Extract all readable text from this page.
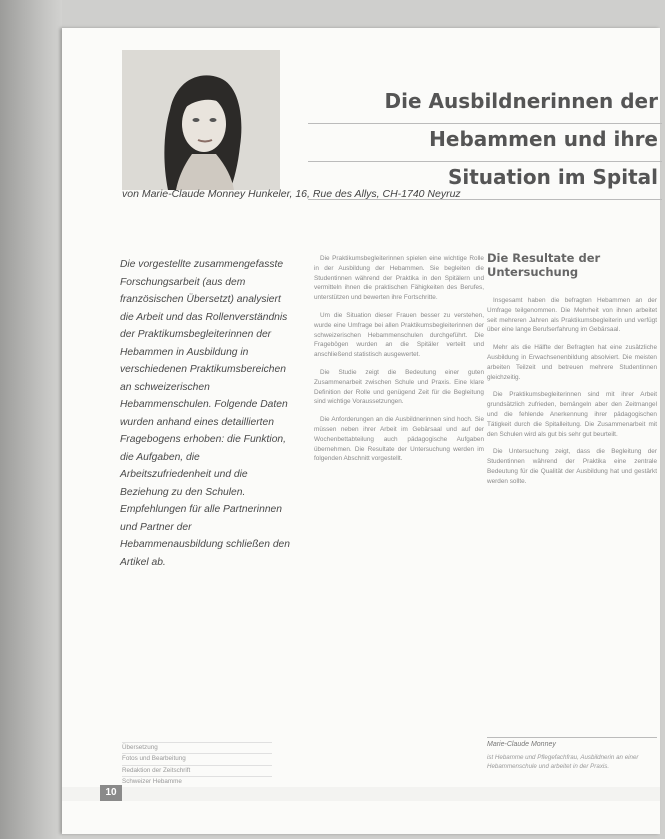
Die Ausbildnerinnen der
Hebammen und ihre
Situation im Spital
von Marie-Claude Monney Hunkeler, 16, Rue des Allys, CH-1740 Neyruz
Die vorgestellte zusammengefasste Forschungsarbeit (aus dem französischen Übersetzt) analysiert die Arbeit und das Rollenverständnis der Praktikumsbegleiterinnen der Hebammen in Ausbildung in verschiedenen Praktikumsbereichen an schweizerischen Hebammenschulen. Folgende Daten wurden anhand eines detaillierten Fragebogens erhoben: die Funktion, die Aufgaben, die Arbeitszufriedenheit und die Beziehung zu den Schulen. Empfehlungen für alle Partnerinnen und Partner der Hebammenausbildung schließen den Artikel ab.

Die Praktikumsbegleiterinnen spielen eine wichtige Rolle in der Ausbildung der Hebammen. Sie begleiten die Studentinnen während der Praktika in den Spitälern und vermitteln ihnen die praktischen Fähigkeiten des Berufes, unterstützen und bewerten ihre Fortschritte.

Um die Situation dieser Frauen besser zu verstehen, wurde eine Umfrage bei allen Praktikumsbegleiterinnen der schweizerischen Hebammenschulen durchgeführt. Die Fragebögen wurden an die Spitäler verteilt und anschließend statistisch ausgewertet.

Die Studie zeigt die Bedeutung einer guten Zusammenarbeit zwischen Schule und Praxis. Eine klare Definition der Rolle und genügend Zeit für die Begleitung sind wichtige Voraussetzungen.

Die Anforderungen an die Ausbildnerinnen sind hoch. Sie müssen neben ihrer Arbeit im Gebärsaal und auf der Wochenbettabteilung auch pädagogische Aufgaben übernehmen. Die Resultate der Untersuchung werden im folgenden Abschnitt vorgestellt.

Die Resultate der Untersuchung

Insgesamt haben die befragten Hebammen an der Umfrage teilgenommen. Die Mehrheit von ihnen arbeitet seit mehreren Jahren als Praktikumsbegleiterin und verfügt über eine lange Berufserfahrung im Gebärsaal.

Mehr als die Hälfte der Befragten hat eine zusätzliche Ausbildung in Erwachsenenbildung absolviert. Die meisten arbeiten Teilzeit und betreuen mehrere Studentinnen gleichzeitig.

Die Praktikumsbegleiterinnen sind mit ihrer Arbeit grundsätzlich zufrieden, bemängeln aber den Zeitmangel und die fehlende Anerkennung ihrer pädagogischen Tätigkeit durch die Spitalleitung. Die Zusammenarbeit mit den Schulen wird als gut bis sehr gut beurteilt.

Die Untersuchung zeigt, dass die Begleitung der Studentinnen während der Praktika eine zentrale Bedeutung für die Qualität der Ausbildung hat und gestärkt werden sollte.

Übersetzung
Fotos und Bearbeitung
Redaktion der Zeitschrift
Schweizer Hebamme
Marie-Claude Monney
ist Hebamme und Pflegefachfrau, Ausbildnerin an einer Hebammenschule und arbeitet in der Praxis.
10
